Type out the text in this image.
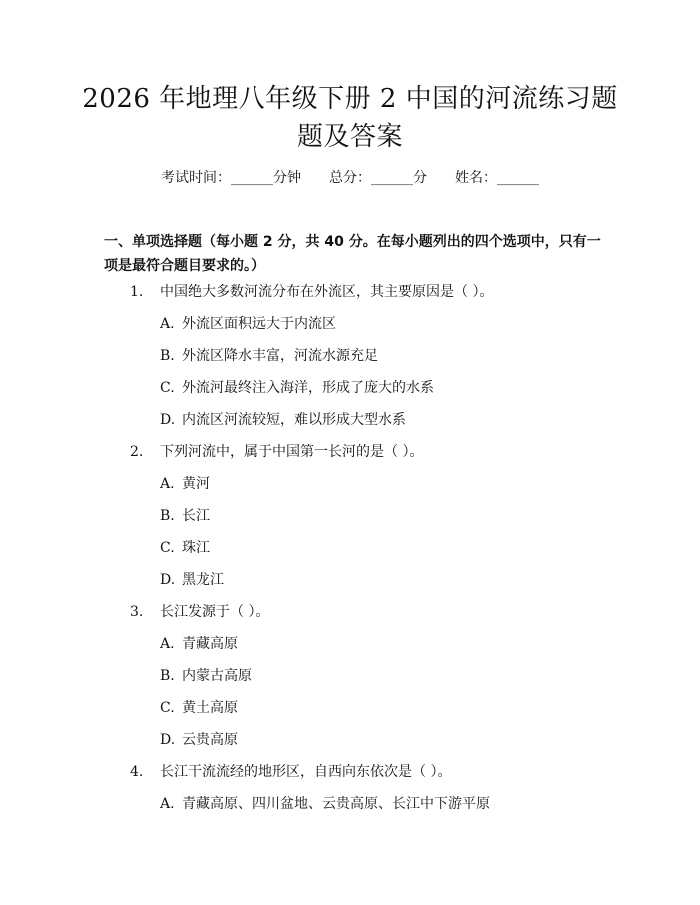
2026 年地理八年级下册 2 中国的河流练习题
题及答案
考试时间：______分钟 总分：______分 姓名：______
一、单项选择题（每小题 2 分，共 40 分。在每小题列出的四个选项中，只有一项是最符合题目要求的。）
1. 中国绝大多数河流分布在外流区，其主要原因是（ ）。
A. 外流区面积远大于内流区
B. 外流区降水丰富，河流水源充足
C. 外流河最终注入海洋，形成了庞大的水系
D. 内流区河流较短，难以形成大型水系
2. 下列河流中，属于中国第一长河的是（ ）。
A. 黄河
B. 长江
C. 珠江
D. 黑龙江
3. 长江发源于（ ）。
A. 青藏高原
B. 内蒙古高原
C. 黄土高原
D. 云贵高原
4. 长江干流流经的地形区，自西向东依次是（ ）。
A. 青藏高原、四川盆地、云贵高原、长江中下游平原
